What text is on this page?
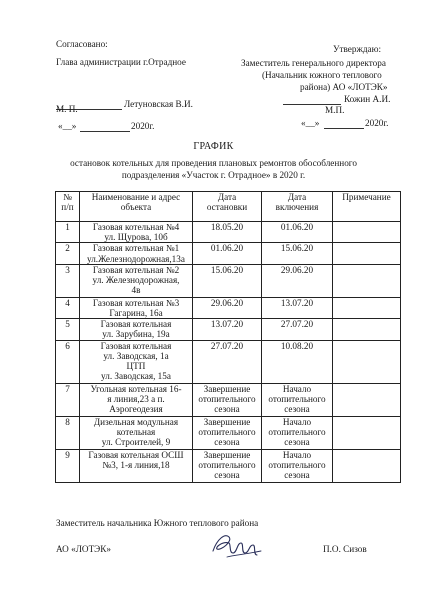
Согласовано:
Глава администрации г.Отрадное
Летуновская В.И.
М. П.
«__»	2020г.
Утверждаю:
Заместитель генерального директора
(Начальник южного теплового
района) АО «ЛОТЭК»
Кожин А.И.
М.П.
«__»	2020г.
ГРАФИК
остановок котельных для проведения плановых ремонтов обособленного
подразделения «Участок г. Отрадное» в 2020 г.
№
п/п	Наименование и адрес
объекта	Дата
остановки	Дата
включения	Примечание

1	Газовая котельная №4
ул. Щурова, 10б	18.05.20	01.06.20	

2	Газовая котельная №1
ул.Железнодорожная,13а	01.06.20	15.06.20	

3	Газовая котельная №2
ул. Железнодорожная,
4в	15.06.20	29.06.20	

4	Газовая котельная №3
Гагарина, 16а	29.06.20	13.07.20	

5	Газовая котельная
ул. Зарубина, 19а	13.07.20	27.07.20	

6	Газовая котельная
ул. Заводская, 1а
ЦТП
ул. Заводская, 15а	27.07.20	10.08.20	

7	Угольная котельная 16-
я линия,23 а п.
Аэрогеодезия	Завершение
отопительного
сезона	Начало
отопительного
сезона	

8	Дизельная модульная
котельная
ул. Строителей, 9	Завершение
отопительного
сезона	Начало
отопительного
сезона	

9	Газовая котельная ОСШ
№3, 1-я линия,18	Завершение
отопительного
сезона	Начало
отопительного
сезона	

Заместитель начальника Южного теплового района
АО «ЛОТЭК»	П.О. Сизов
